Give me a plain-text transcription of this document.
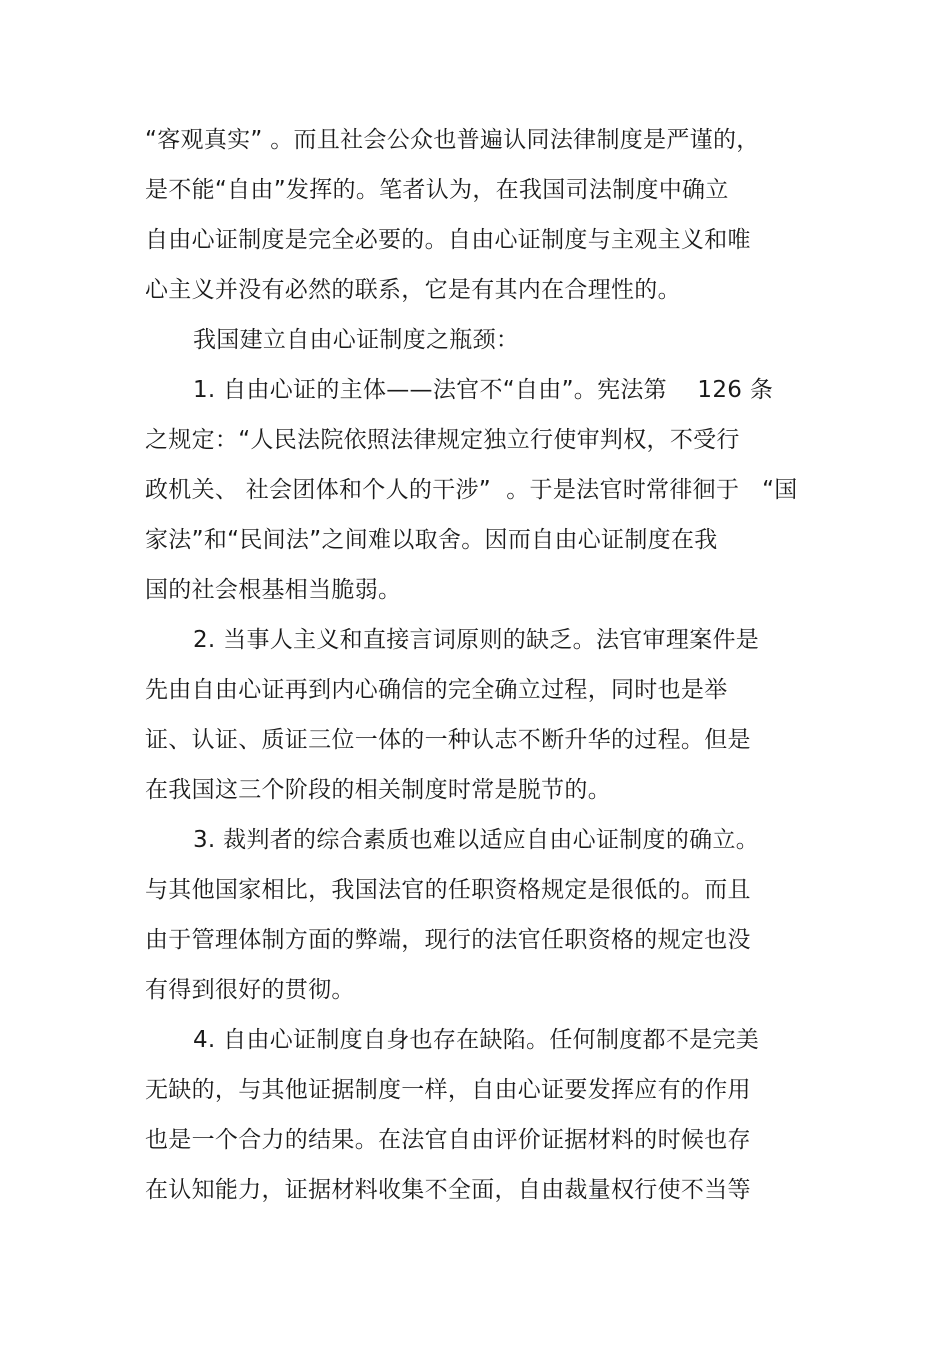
“客观真实” 。而且社会公众也普遍认同法律制度是严谨的，
是不能“自由”发挥的。笔者认为，在我国司法制度中确立
自由心证制度是完全必要的。自由心证制度与主观主义和唯
心主义并没有必然的联系，它是有其内在合理性的。
我国建立自由心证制度之瓶颈：
1. 自由心证的主体——法官不“自由”。宪法第    126 条
之规定：“人民法院依照法律规定独立行使审判权，不受行
政机关、 社会团体和个人的干涉”  。于是法官时常徘徊于   “国
家法”和“民间法”之间难以取舍。因而自由心证制度在我
国的社会根基相当脆弱。
2. 当事人主义和直接言词原则的缺乏。法官审理案件是
先由自由心证再到内心确信的完全确立过程，同时也是举
证、认证、质证三位一体的一种认志不断升华的过程。但是
在我国这三个阶段的相关制度时常是脱节的。
3. 裁判者的综合素质也难以适应自由心证制度的确立。
与其他国家相比，我国法官的任职资格规定是很低的。而且
由于管理体制方面的弊端，现行的法官任职资格的规定也没
有得到很好的贯彻。
4. 自由心证制度自身也存在缺陷。任何制度都不是完美
无缺的，与其他证据制度一样，自由心证要发挥应有的作用
也是一个合力的结果。在法官自由评价证据材料的时候也存
在认知能力，证据材料收集不全面，自由裁量权行使不当等
